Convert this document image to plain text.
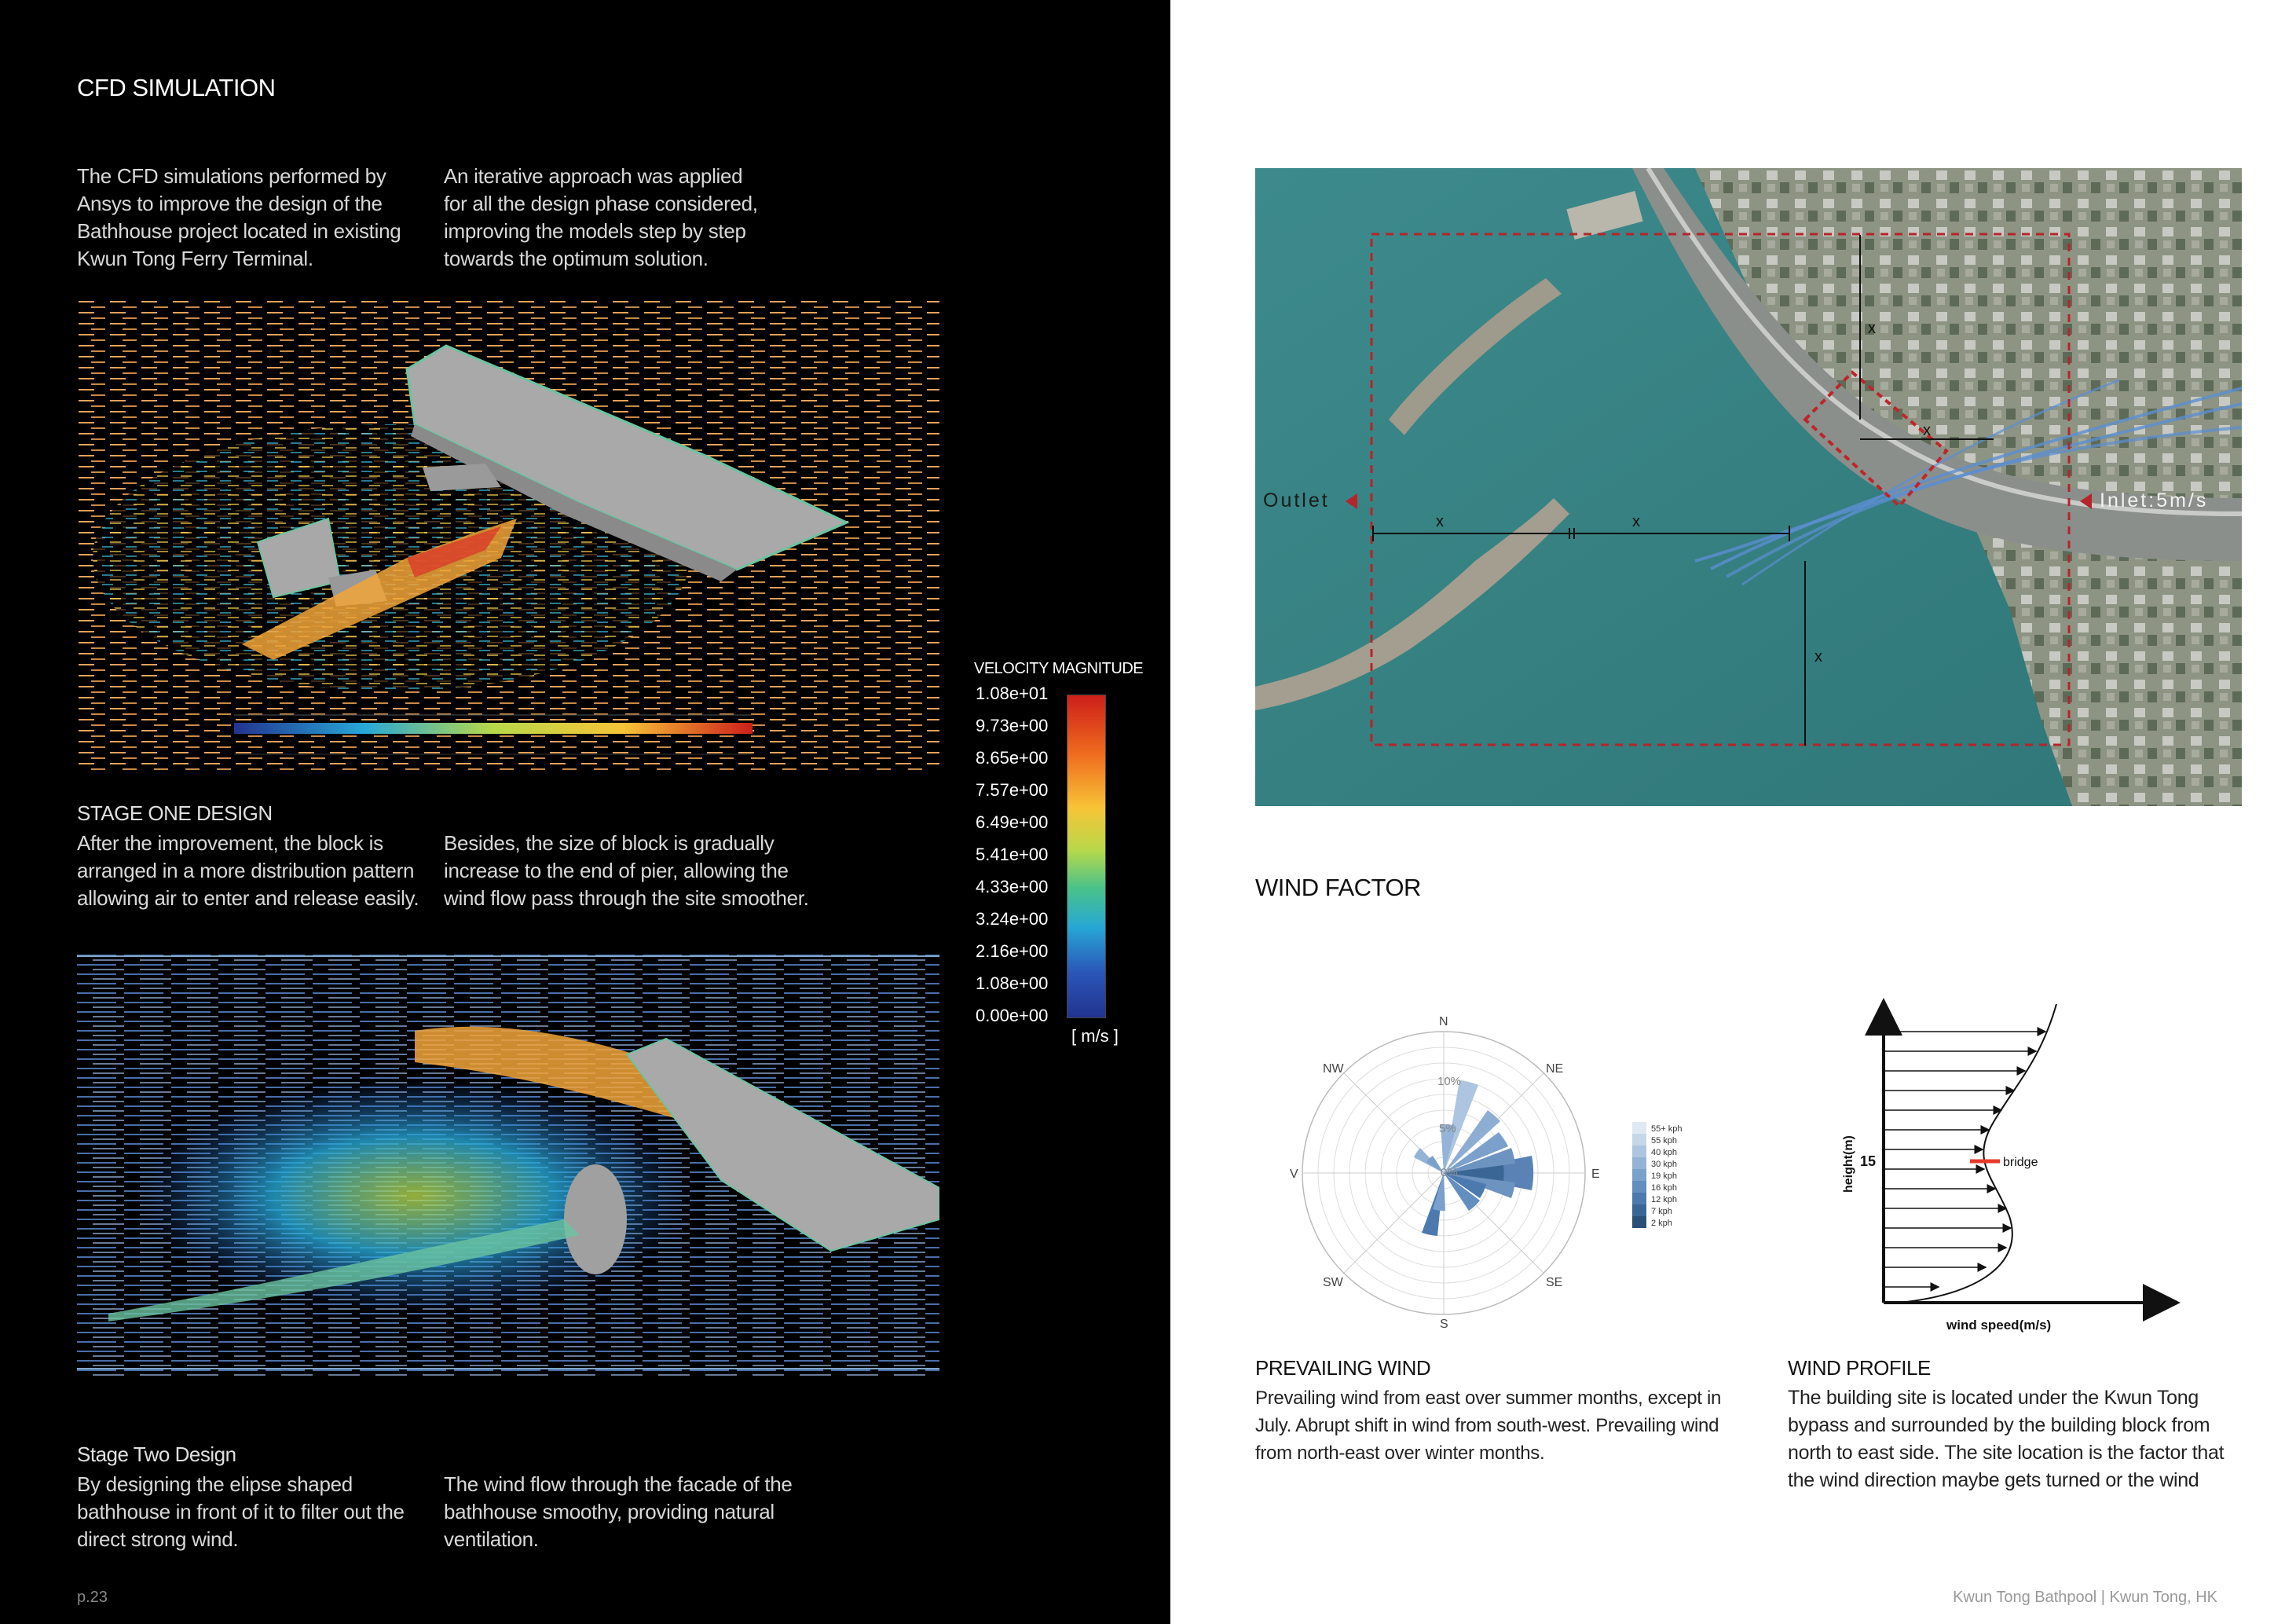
CFD SIMULATION
The CFD simulations performed by
Ansys to improve the design of the
Bathhouse project located in existing
Kwun Tong Ferry Terminal.
An iterative approach was applied
for all the design phase considered,
improving the models step by step
towards the optimum solution.
STAGE ONE DESIGN
After the improvement, the block is
arranged in a more distribution pattern
allowing air to enter and release easily.
Besides, the size of block is gradually
increase to the end of pier, allowing the
wind flow pass through the site smoother.
Stage Two Design
By designing the elipse shaped
bathhouse in front of it to filter out the
direct strong wind.
The wind flow through the facade of the
bathhouse smoothy, providing natural
ventilation.
p.23
VELOCITY MAGNITUDE
1.08e+01
9.73e+00
8.65e+00
7.57e+00
6.49e+00
5.41e+00
4.33e+00
3.24e+00
2.16e+00
1.08e+00
0.00e+00
[ m/s ]
x	x
x
x
x
Outlet	Inlet:5m/s
WIND FACTOR
10%
5%
0%
N
NE
E
SE
S
SW
V
NW
55+ kph
55 kph
40 kph
30 kph
19 kph
16 kph
12 kph
7 kph
2 kph
bridge
15
height(m)
wind speed(m/s)
PREVAILING WIND
Prevailing wind from east over summer months, except in
July. Abrupt shift in wind from south-west. Prevailing wind
from north-east over winter months.
WIND PROFILE
The building site is located under the Kwun Tong
bypass and surrounded by the building block from
north to east side. The site location is the factor that
the wind direction maybe gets turned or the wind
Kwun Tong Bathpool | Kwun Tong, HK
